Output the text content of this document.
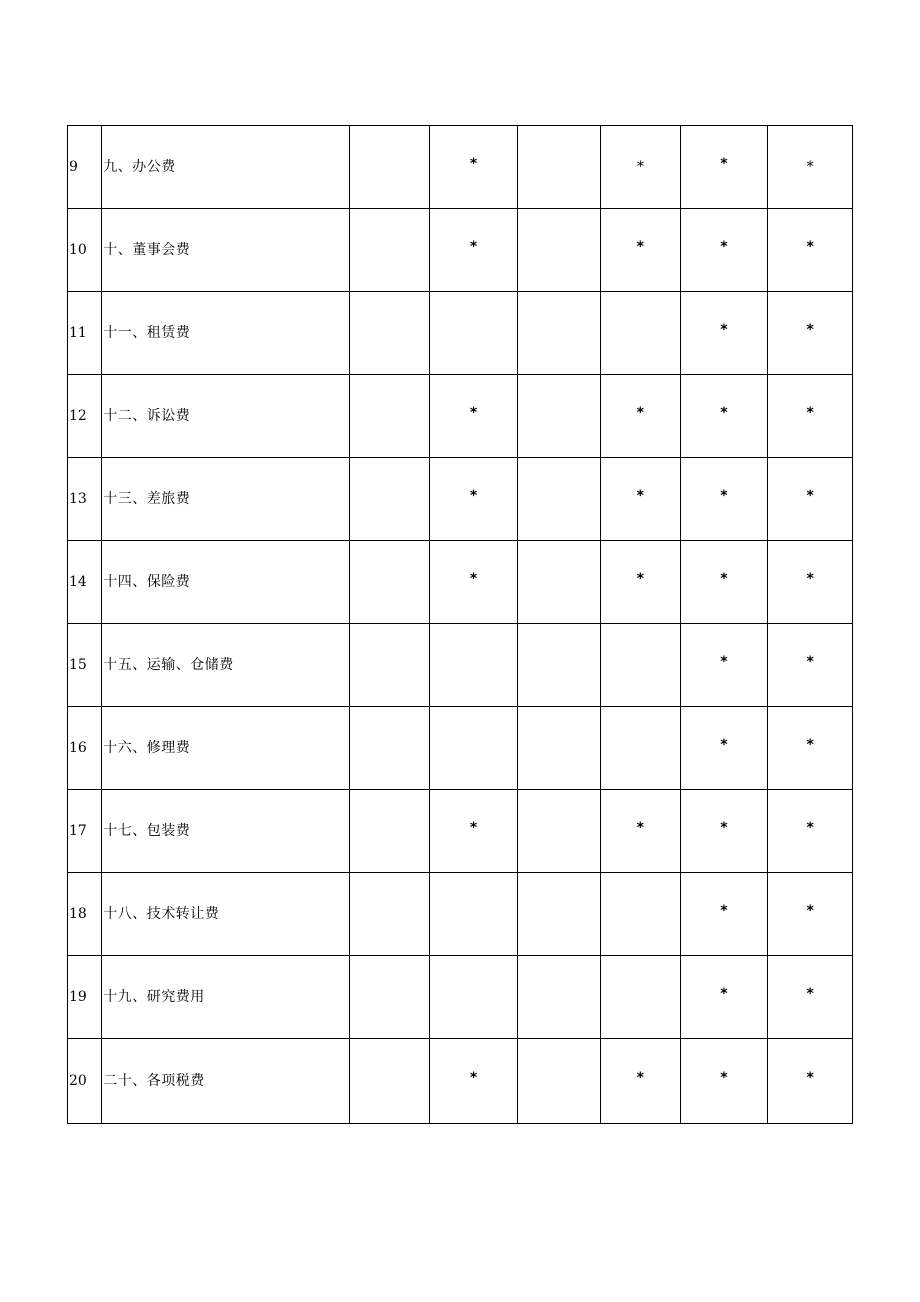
9	九、办公费		*		*	*	*
10	十、董事会费		*		*	*	*
11	十一、租赁费					*	*
12	十二、诉讼费		*		*	*	*
13	十三、差旅费		*		*	*	*
14	十四、保险费		*		*	*	*
15	十五、运输、仓储费					*	*
16	十六、修理费					*	*
17	十七、包装费		*		*	*	*
18	十八、技术转让费					*	*
19	十九、研究费用					*	*
20	二十、各项税费		*		*	*	*
